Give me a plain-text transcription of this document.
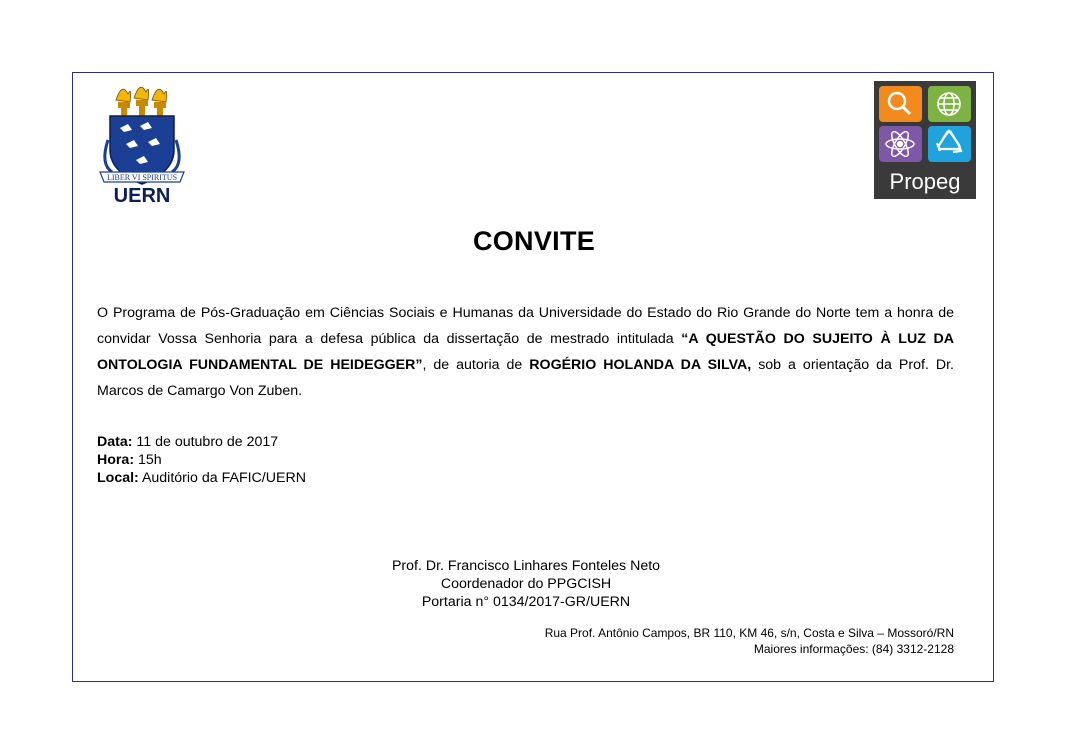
LIBER VI SPIRITUS
UERN
Propeg
CONVITE
O Programa de Pós-Graduação em Ciências Sociais e Humanas da Universidade do Estado do Rio Grande do Norte tem a honra de convidar Vossa Senhoria para a defesa pública da dissertação de mestrado intitulada “A QUESTÃO DO SUJEITO À LUZ DA ONTOLOGIA FUNDAMENTAL DE HEIDEGGER”, de autoria de ROGÉRIO HOLANDA DA SILVA, sob a orientação da Prof. Dr. Marcos de Camargo Von Zuben.
Data: 11 de outubro de 2017
Hora: 15h
Local: Auditório da FAFIC/UERN
Prof. Dr. Francisco Linhares Fonteles Neto
Coordenador do PPGCISH
Portaria n° 0134/2017-GR/UERN
Rua Prof. Antônio Campos, BR 110, KM 46, s/n, Costa e Silva – Mossoró/RN
Maiores informações: (84) 3312-2128
